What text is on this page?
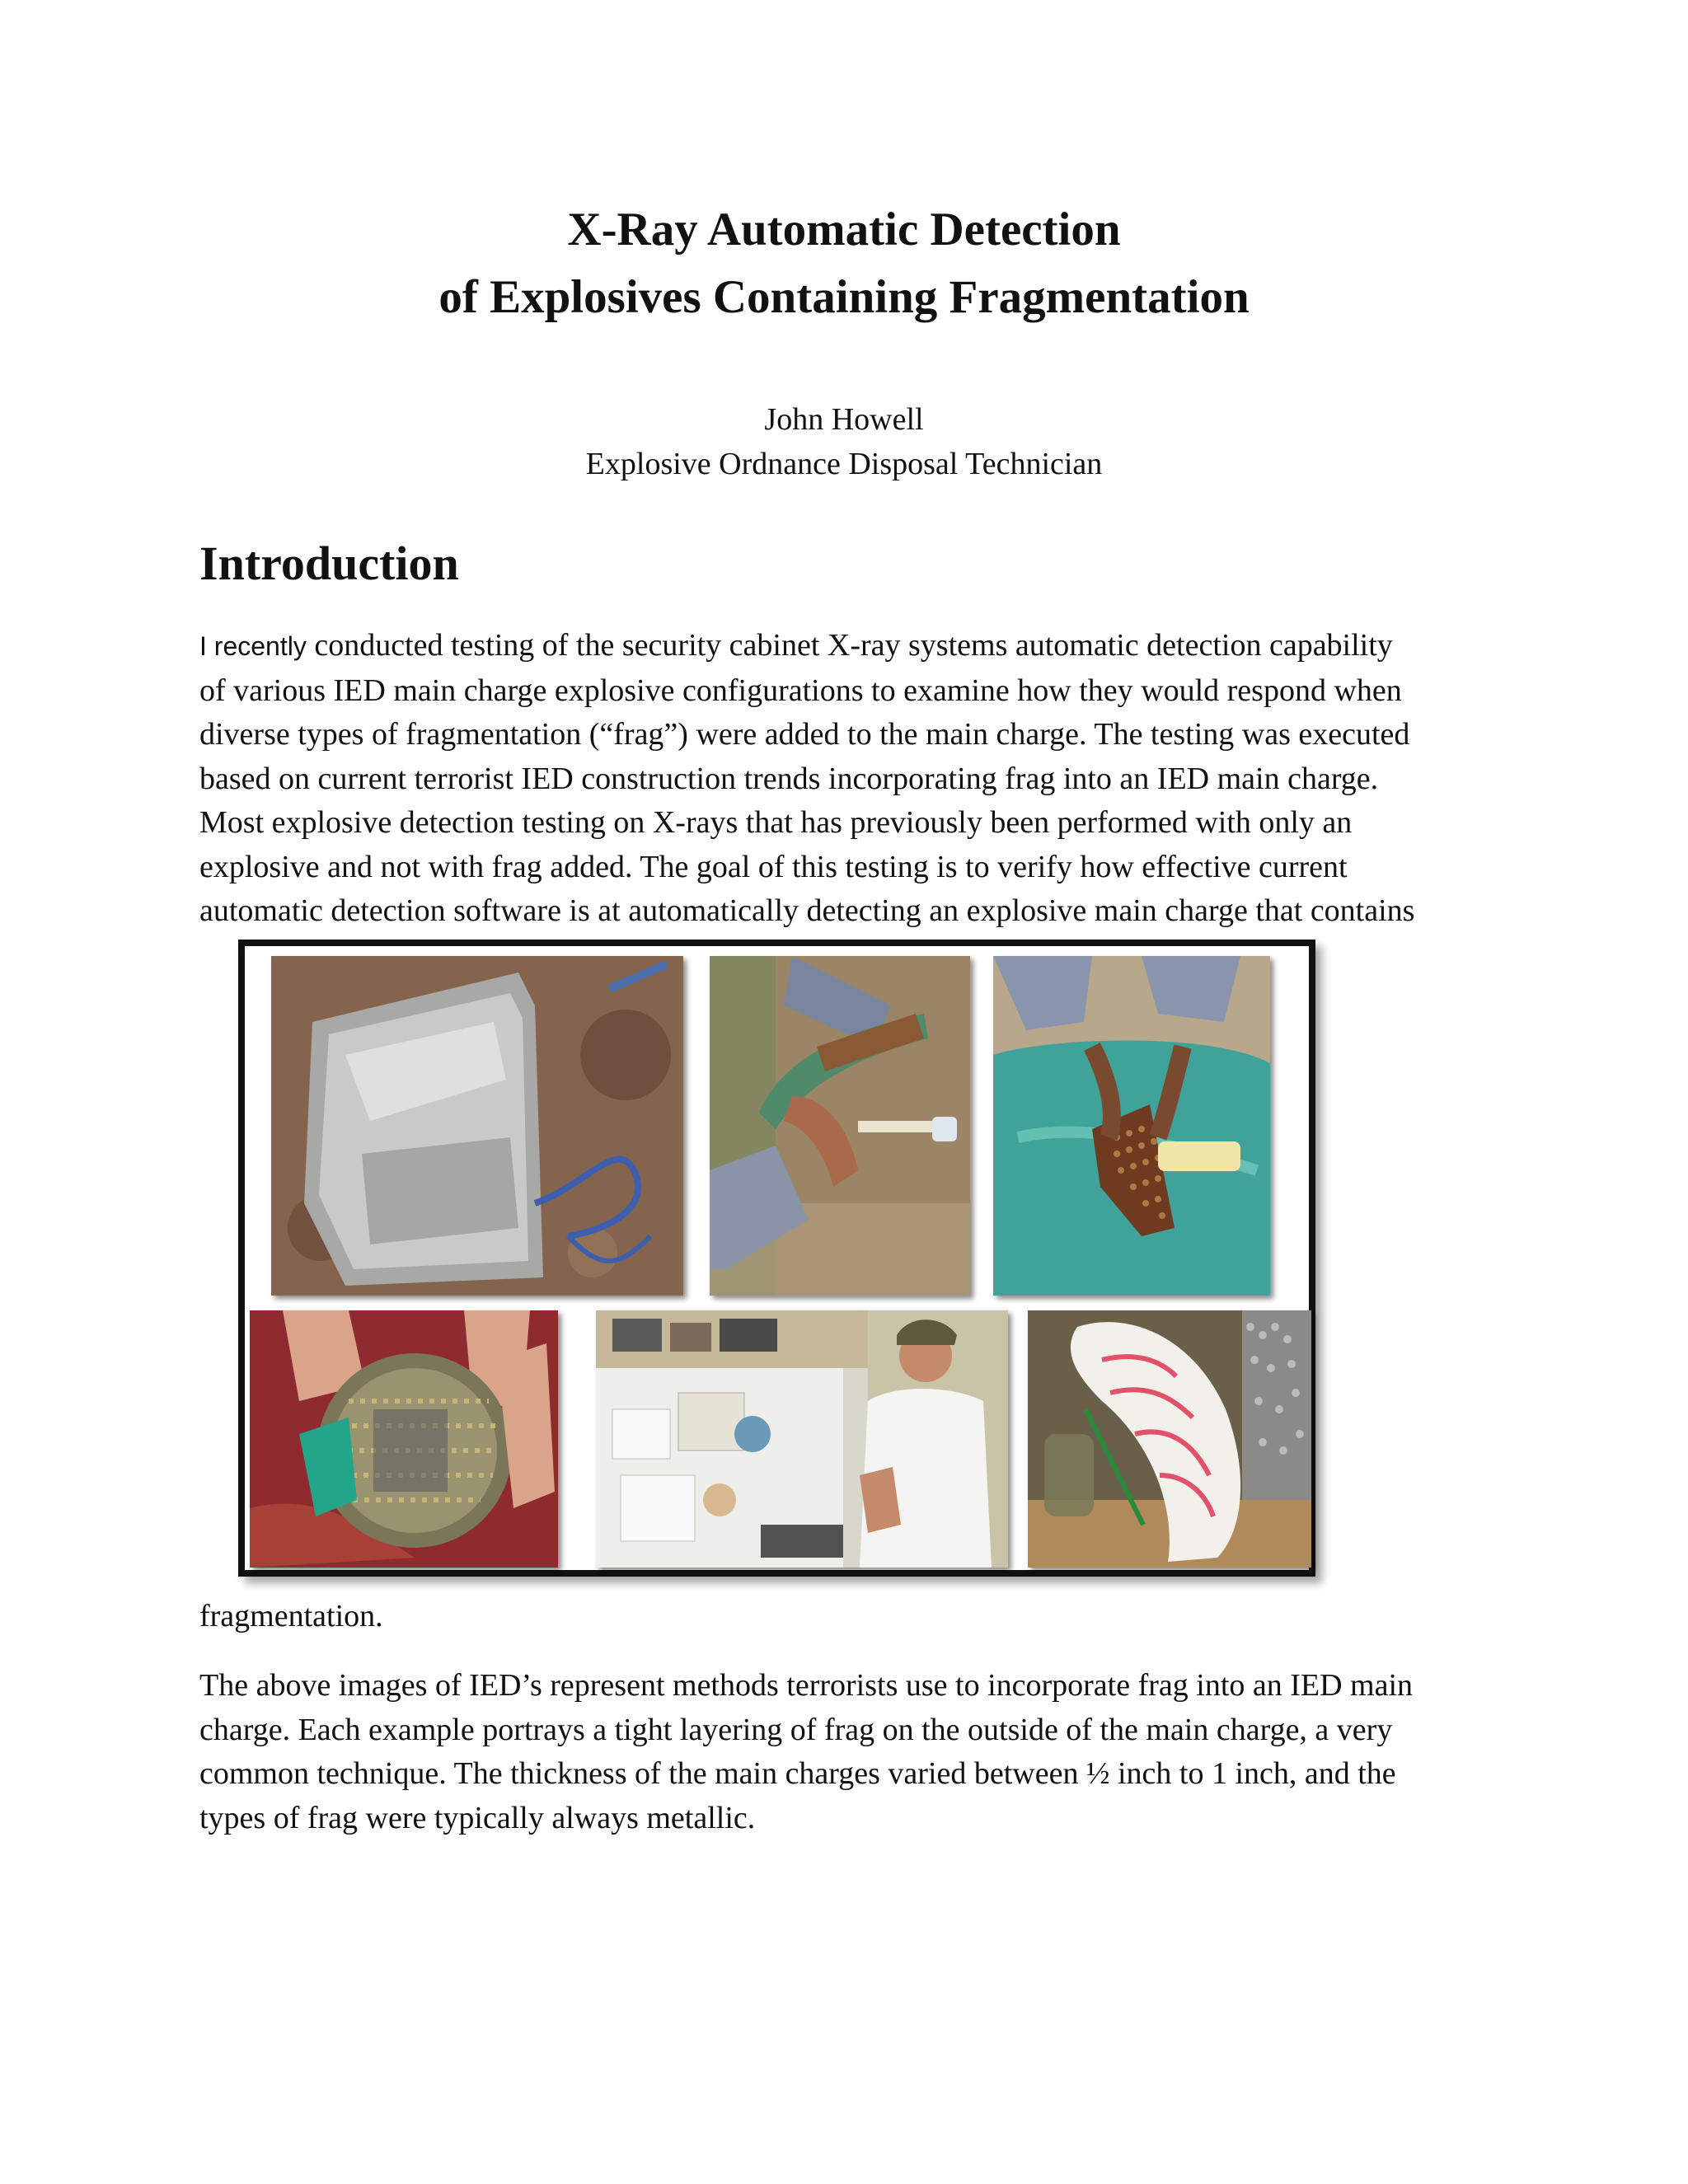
X-Ray Automatic Detection
of Explosives Containing Fragmentation
John Howell
Explosive Ordnance Disposal Technician
Introduction
I recently conducted testing of the security cabinet X-ray systems automatic detection capability
of various IED main charge explosive configurations to examine how they would respond when
diverse types of fragmentation (“frag”) were added to the main charge. The testing was executed
based on current terrorist IED construction trends incorporating frag into an IED main charge.
Most explosive detection testing on X-rays that has previously been performed with only an
explosive and not with frag added. The goal of this testing is to verify how effective current
automatic detection software is at automatically detecting an explosive main charge that contains
fragmentation.
The above images of IED’s represent methods terrorists use to incorporate frag into an IED main
charge. Each example portrays a tight layering of frag on the outside of the main charge, a very
common technique. The thickness of the main charges varied between ½ inch to 1 inch, and the
types of frag were typically always metallic.
